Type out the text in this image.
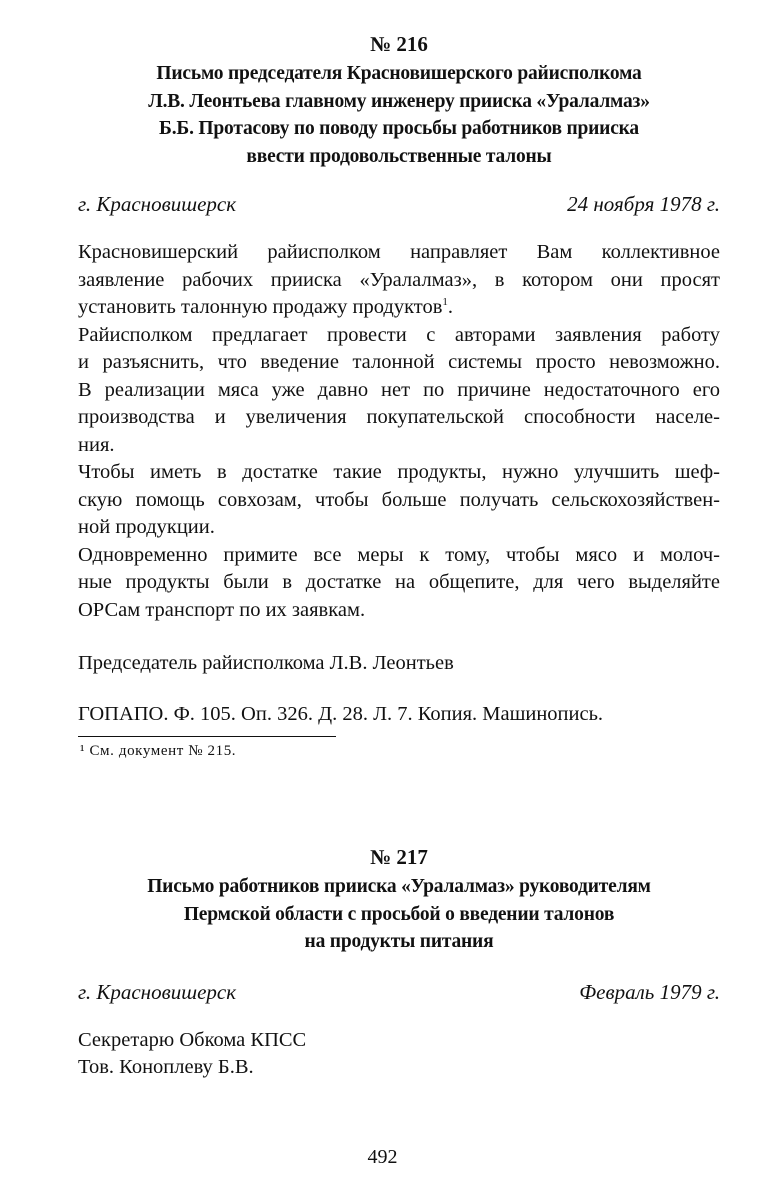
№ 216
Письмо председателя Красновишерского райисполкома
Л.В. Леонтьева главному инженеру прииска «Уралалмаз»
Б.Б. Протасову по поводу просьбы работников прииска
ввести продовольственные талоны
г. Красновишерск	24 ноября 1978 г.

Красновишерский райисполком направляет Вам коллективное
заявление рабочих прииска «Уралалмаз», в котором они просят
установить талонную продажу продуктов$^1$.

Райисполком предлагает провести с авторами заявления работу
и разъяснить, что введение талонной системы просто невозможно.
В реализации мяса уже давно нет по причине недостаточного его
производства и увеличения покупательской способности населе-
ния.

Чтобы иметь в достатке такие продукты, нужно улучшить шеф-
скую помощь совхозам, чтобы больше получать сельскохозяйствен-
ной продукции.

Одновременно примите все меры к тому, чтобы мясо и молоч-
ные продукты были в достатке на общепите, для чего выделяйте
ОРСам транспорт по их заявкам.

Председатель райисполкома Л.В. Леонтьев
ГОПАПО. Ф. 105. Оп. 326. Д. 28. Л. 7. Копия. Машинопись.
¹ См. документ № 215.
№ 217
Письмо работников прииска «Уралалмаз» руководителям
Пермской области с просьбой о введении талонов
на продукты питания
г. Красновишерск	Февраль 1979 г.
Секретарю Обкома КПСС
Тов. Коноплеву Б.В.
492
